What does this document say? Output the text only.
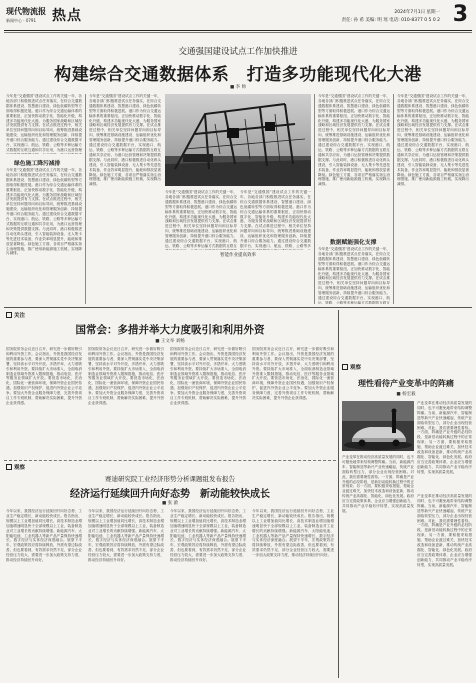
现代物流报
新闻中心 · 0791 热点	2024年7月1日 星期一
责任: 孙 希 美编: 明 瑶 电话: 010-8377 0 5 0 2 3
交通强国建设试点工作加快推进
构建综合交通数据体系　打造多功能现代化大港
■ 李 帅
今年是“交通强国”建设试点工作的关键一年，各地各部门积极推进试点任务落实，在综合交通数据体系建设、智慧港口建设、绿色低碳转型等方面取得积极进展。港口作为综合交通运输体系的重要枢纽，正加快推动数字化、智能化升级，构建多功能现代化大港，为服务国家战略和区域经济发展提供有力支撑。在试点推进过程中，相关单位坚持问题导向和目标导向，统筹推进基础设施建设、运输组织优化和管理服务创新，持续提升港口综合服务能力。通过建设综合交通数据平台，实现港口、航运、铁路、公路等多种运输方式数据的互联互通和共享应用，为港口运营管理
绿色施工降污减排
今年是“交通强国”建设试点工作的关键一年，各地各部门积极推进试点任务落实，在综合交通数据体系建设、智慧港口建设、绿色低碳转型等方面取得积极进展。港口作为综合交通运输体系的重要枢纽，正加快推动数字化、智能化升级，构建多功能现代化大港，为服务国家战略和区域经济发展提供有力支撑。在试点推进过程中，相关单位坚持问题导向和目标导向，统筹推进基础设施建设、运输组织优化和管理服务创新，持续提升港口综合服务能力。通过建设综合交通数据平台，实现港口、航运、铁路、公路等多种运输方式数据的互联互通和共享应用，为港口运营管理和决策提供数据支撑。与此同时，港口积极推进自动化码头建设，引入智能装卸设备、无人集卡等先进技术装备，作业效率明显提升，能耗和排放显著降低。绿色施工方面，各项目严格落实扬尘治理措施，推广使用新能源施工机械，实现降污减排。
今年是“交通强国”建设试点工作的关键一年，各地各部门积极推进试点任务落实，在综合交通数据体系建设、智慧港口建设、绿色低碳转型等方面取得积极进展。港口作为综合交通运输体系的重要枢纽，正加快推动数字化、智能化升级，构建多功能现代化大港，为服务国家战略和区域经济发展提供有力支撑。在试点推进过程中，相关单位坚持问题导向和目标导向，统筹推进基础设施建设、运输组织优化和管理服务创新，持续提升港口综合服务能力。通过建设综合交通数据平台，实现港口、航运、铁路、公路等多种运输方式数据的互联互通和共享应用，为港口运营管理和决策提供数据支撑。与此同时，港口积极推进自动化码头建设，引入智能装卸设备、无人集卡等先进技术装备，作业效率明显提升，能耗和排放显著降低。绿色施工方面，各项目严格落实扬尘治理措施，推广使用新能源施工机械，实现降污减排。
今年是“交通强国”建设试点工作的关键一年，各地各部门积极推进试点任务落实，在综合交通数据体系建设、智慧港口建设、绿色低碳转型等方面取得积极进展。港口作为综合交通运输体系的重要枢纽，正加快推动数字化、智能化升级，构建多功能现代化大港，为服务国家战略和区域经济发展提供有力支撑。在试点推进过程中，相关单位坚持问题导向和目标导向，统筹推进基础设施建设、运输组织优化和管理服务创新，持续提升港口综合服务能力。通过建设综合交通数据平台，实现港口、航运、铁路、公路等多种运输方式数据的互联互
今年是“交通强国”建设试点工作的关键一年，各地各部门积极推进试点任务落实，在综合交通数据体系建设、智慧港口建设、绿色低碳转型等方面取得积极进展。港口作为综合交通运输体系的重要枢纽，正加快推动数字化、智能化升级，构建多功能现代化大港，为服务国家战略和区域经济发展提供有力支撑。在试点推进过程中，相关单位坚持问题导向和目标导向，统筹推进基础设施建设、运输组织优化和管理服务创新，持续提升港口综合服务能力。通过建设综合交通数据平台，实现港口、航运、铁路、公路等多
智能作业提高效率
今年是“交通强国”建设试点工作的关键一年，各地各部门积极推进试点任务落实，在综合交通数据体系建设、智慧港口建设、绿色低碳转型等方面取得积极进展。港口作为综合交通运输体系的重要枢纽，正加快推动数字化、智能化升级，构建多功能现代化大港，为服务国家战略和区域经济发展提供有力支撑。在试点推进过程中，相关单位坚持问题导向和目标导向，统筹推进基础设施建设、运输组织优化和管理服务创新，持续提升港口综合服务能力。通过建设综合交通数据平台，实现港口、航运、铁路、公路等多种运输方式数据的互联互通和共享应用，为港口运营管理和决策提供数据支撑。与此同时，港口积极推进自动化码头建设，引入智能装卸设备、无人集卡等先进技术装备，作业效率明显提升，能耗和排放显著降低。绿色施工方面，各项目严格落实扬尘治理措施，推广使用新能源施工机械，实现降污减排。
数据赋能强化支撑
今年是“交通强国”建设试点工作的关键一年，各地各部门积极推进试点任务落实，在综合交通数据体系建设、智慧港口建设、绿色低碳转型等方面取得积极进展。港口作为综合交通运输体系的重要枢纽，正加快推动数字化、智能化升级，构建多功能现代化大港，为服务国家战略和区域经济发展提供有力支撑。在试点推进过程中，相关单位坚持问题导向和目标导向，统筹推进基础设施建设、运输组织优化和管理服务创新，持续提升港口综合服务能力。通过建设综合交通数据平台，实现港口、航运、铁路、公路等多种运输方式数据的互联互
今年是“交通强国”建设试点工作的关键一年，各地各部门积极推进试点任务落实，在综合交通数据体系建设、智慧港口建设、绿色低碳转型等方面取得积极进展。港口作为综合交通运输体系的重要枢纽，正加快推动数字化、智能化升级，构建多功能现代化大港，为服务国家战略和区域经济发展提供有力支撑。在试点推进过程中，相关单位坚持问题导向和目标导向，统筹推进基础设施建设、运输组织优化和管理服务创新，持续提升港口综合服务能力。通过建设综合交通数据平台，实现港口、航运、铁路、公路等多种运输方式数据的互联互通和共享应用，为港口运营管理和决策提供数据支撑。与此同时，港口积极推进自动化码头建设，引入智能装卸设备、无人集卡等先进技术装备，作业效率明显提升，能耗和排放显著降低。绿色施工方面，各项目严格落实扬尘治理措施，推广使用新能源施工机械，实现降污减排。
关注
国常会：多措并举大力度吸引和利用外资
■ 王文举 刘畅
国务院常务会议近日召开，研究进一步做好吸引和利用外资工作。会议指出，外资是我国经济发展的重要参与者，要深入贯彻落实党中央决策部署，坚持高水平对外开放，多措并举、大力度吸引和利用外资。要持续扩大市场准入，全面取消制造业领域外资准入限制措施，推动电信、医疗等服务业领域扩大开放。要营造市场化、法治化、国际化一流营商环境，保障外资企业国民待遇，加强知识产权保护，促进内外资企业公平竞争。要加大外资企业服务保障力度，完善外资项目工作专班机制，帮助解决实际困难，提升外资企业获得感。
国务院常务会议近日召开，研究进一步做好吸引和利用外资工作。会议指出，外资是我国经济发展的重要参与者，要深入贯彻落实党中央决策部署，坚持高水平对外开放，多措并举、大力度吸引和利用外资。要持续扩大市场准入，全面取消制造业领域外资准入限制措施，推动电信、医疗等服务业领域扩大开放。要营造市场化、法治化、国际化一流营商环境，保障外资企业国民待遇，加强知识产权保护，促进内外资企业公平竞争。要加大外资企业服务保障力度，完善外资项目工作专班机制，帮助解决实际困难，提升外资企业获得感。
国务院常务会议近日召开，研究进一步做好吸引和利用外资工作。会议指出，外资是我国经济发展的重要参与者，要深入贯彻落实党中央决策部署，坚持高水平对外开放，多措并举、大力度吸引和利用外资。要持续扩大市场准入，全面取消制造业领域外资准入限制措施，推动电信、医疗等服务业领域扩大开放。要营造市场化、法治化、国际化一流营商环境，保障外资企业国民待遇，加强知识产权保护，促进内外资企业公平竞争。要加大外资企业服务保障力度，完善外资项目工作专班机制，帮助解决实际困难，提升外资企业获得感。
国务院常务会议近日召开，研究进一步做好吸引和利用外资工作。会议指出，外资是我国经济发展的重要参与者，要深入贯彻落实党中央决策部署，坚持高水平对外开放，多措并举、大力度吸引和利用外资。要持续扩大市场准入，全面取消制造业领域外资准入限制措施，推动电信、医疗等服务业领域扩大开放。要营造市场化、法治化、国际化一流营商环境，保障外资企业国民待遇，加强知识产权保护，促进内外资企业公平竞争。要加大外资企业服务保障力度，完善外资项目工作专班机制，帮助解决实际困难，提升外资企业获得感。
观察
赛迪研究院工业经济形势分析课题组发布报告
经济运行延续回升向好态势　新动能较快成长
■ 张 澈
今年以来，我国经济运行延续回升向好态势，工业生产稳定增长，新动能较快成长。报告指出，规模以上工业增加值同比增长，高技术制造业增加值增速明显快于全部规模以上工业，装备制造业对工业增长的贡献持续增强。新能源汽车、太阳能电池、工业机器人等新产品产量保持快速增长，数字经济与实体经济深度融合。展望下半年，宏观政策效应将持续释放，外需有望边际改善，但也要看到，有效需求仍然不足，部分企业经营压力较大，需要进一步加大政策支持力度，推动经济持续回升向好。
今年以来，我国经济运行延续回升向好态势，工业生产稳定增长，新动能较快成长。报告指出，规模以上工业增加值同比增长，高技术制造业增加值增速明显快于全部规模以上工业，装备制造业对工业增长的贡献持续增强。新能源汽车、太阳能电池、工业机器人等新产品产量保持快速增长，数字经济与实体经济深度融合。展望下半年，宏观政策效应将持续释放，外需有望边际改善，但也要看到，有效需求仍然不足，部分企业经营压力较大，需要进一步加大政策支持力度，推动经济持续回升向好。
今年以来，我国经济运行延续回升向好态势，工业生产稳定增长，新动能较快成长。报告指出，规模以上工业增加值同比增长，高技术制造业增加值增速明显快于全部规模以上工业，装备制造业对工业增长的贡献持续增强。新能源汽车、太阳能电池、工业机器人等新产品产量保持快速增长，数字经济与实体经济深度融合。展望下半年，宏观政策效应将持续释放，外需有望边际改善，但也要看到，有效需求仍然不足，部分企业经营压力较大，需要进一步加大政策支持力度，推动经济持续回升向好。
今年以来，我国经济运行延续回升向好态势，工业生产稳定增长，新动能较快成长。报告指出，规模以上工业增加值同比增长，高技术制造业增加值增速明显快于全部规模以上工业，装备制造业对工业增长的贡献持续增强。新能源汽车、太阳能电池、工业机器人等新产品产量保持快速增长，数字经济与实体经济深度融合。展望下半年，宏观政策效应将持续释放，外需有望边际改善，但也要看到，有效需求仍然不足，部分企业经营压力较大，需要进一步加大政策支持力度，推动经济持续回升向好。
观察
理性看待产业变革中的阵痛
■ 杨宏毅
产业变革在推动经济高质量发展的同时，也不可避免地带来结构调整阵痛。当前，新能源汽车、智能制造等新兴产业快速崛起，传统产业面临转型压力，部分企业出现经营困难。对此，我们需要理性看待。一方面，阵痛是产业升级的必经阶段，是新旧动能转换过程中的正常现象；另一方面，要积极采取措施，帮助企业渡过难关，加快技术改造和设备更新，推动传统产业高端化、智能化、绿色化发展。政府应当完善政策体系，企业应当增强创新能力，共同推动产业平稳有序转型，实现高质量发展。
产业变革在推动经济高质量发展的同时，也不可避免地带来结构调整阵痛。当前，新能源汽车、智能制造等新兴产业快速崛起，传统产业面临转型压力，部分企业出现经营困难。对此，我们需要理性看待。一方面，阵痛是产业升级的必经阶段，是新旧动能转换过程中的正常现象；另一方面，要积极采取措施，帮助企业渡过难关，加快技术改造和设备更新，推动传统产业高端化、智能化、绿色化发展。政府应当完善政策体系，企业应当增强创新能力，共同推动产业平稳有序转型，实现高质量发展。
产业变革在推动经济高质量发展的同时，也不可避免地带来结构调整阵痛。当前，新能源汽车、智能制造等新兴产业快速崛起，传统产业面临转型压力，部分企业出现经营困难。对此，我们需要理性看待。一方面，阵痛是产业升级的必经阶段，是新旧动能转换过程中的正常现象；另一方面，要积极采取措施，帮助企业渡过难关，加快技术改造和设备更新，推动传统产业高端化、智能化、绿色化发展。政府应当完善政策体系，企业应当增强创新能力，共同推动产业平稳有序转型，实现高质量发展。
